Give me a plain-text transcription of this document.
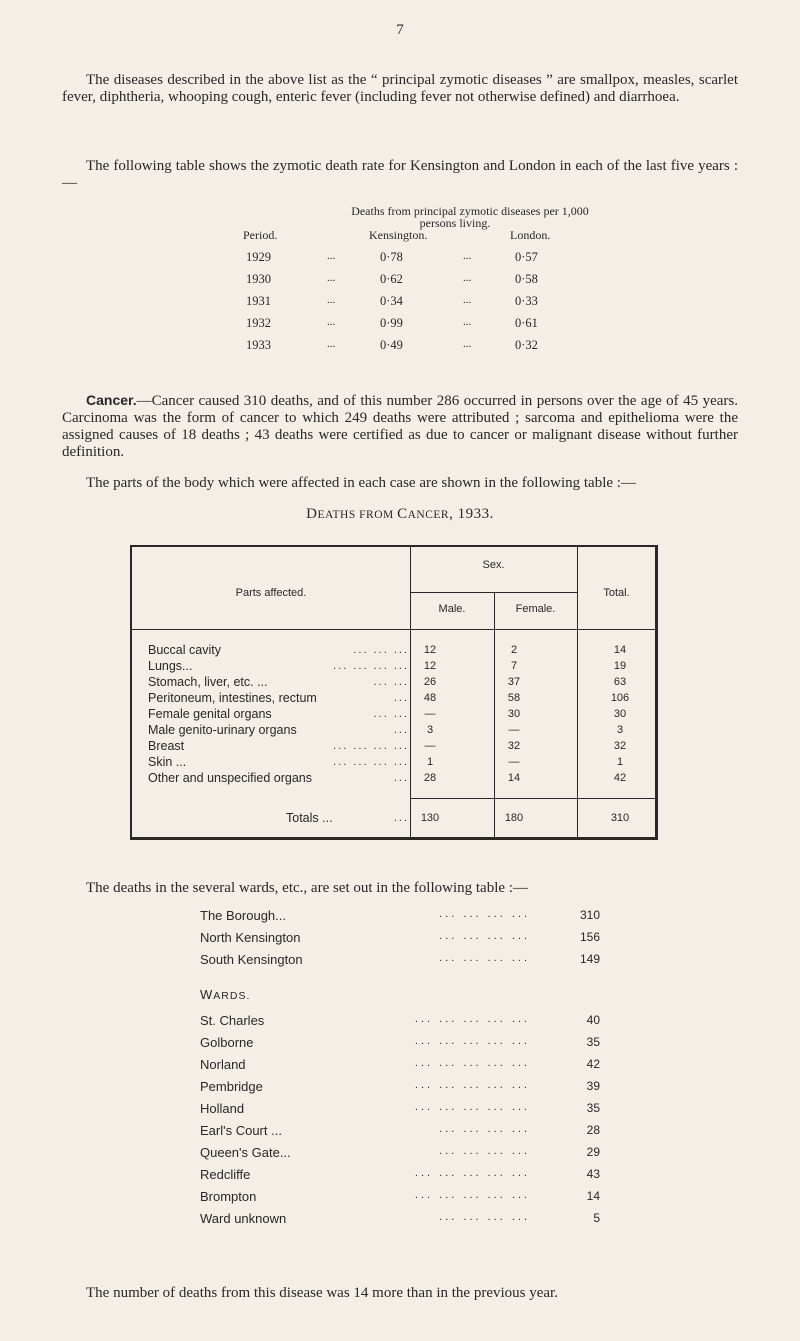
7

The diseases described in the above list as the “ principal zymotic diseases ” are smallpox, measles, scarlet fever, diphtheria, whooping cough, enteric fever (including fever not otherwise defined) and diarrhoea.

The following table shows the zymotic death rate for Kensington and London in each of the last five years :—

Deaths from principal zymotic diseases per 1,000
persons living.
Period.	Kensington.	London.
1929	...	0·78	...	0·57
1930	...	0·62	...	0·58
1931	...	0·34	...	0·33
1932	...	0·99	...	0·61
1933	...	0·49	...	0·32

Cancer.—Cancer caused 310 deaths, and of this number 286 occurred in persons over the age of 45 years. Carcinoma was the form of cancer to which 249 deaths were attributed ; sarcoma and epithelioma were the assigned causes of 18 deaths ; 43 deaths were certified as due to cancer or malignant disease without further definition.

The parts of the body which were affected in each case are shown in the following table :—

DEATHS FROM CANCER, 1933.
Parts affected.
Sex.
Male.	Female.
Total.
Buccal cavity	... ... ...	12	2	14
Lungs...	... ... ... ...	12	7	19
Stomach, liver, etc. ...	... ...	26	37	63
Peritoneum, intestines, rectum	...	48	58	106
Female genital organs	... ...	—	30	30
Male genito-urinary organs	...	3	—	3
Breast	... ... ... ...	—	32	32
Skin ...	... ... ... ...	1	—	1
Other and unspecified organs	...	28	14	42
Totals ...	...	130	180	310

The deaths in the several wards, etc., are set out in the following table :—

The Borough...	... ... ... ...	310
North Kensington	... ... ... ...	156
South Kensington	... ... ... ...	149
WARDS.
St. Charles	... ... ... ... ...	40
Golborne	... ... ... ... ...	35
Norland	... ... ... ... ...	42
Pembridge	... ... ... ... ...	39
Holland	... ... ... ... ...	35
Earl's Court ...	... ... ... ...	28
Queen's Gate...	... ... ... ...	29
Redcliffe	... ... ... ... ...	43
Brompton	... ... ... ... ...	14
Ward unknown	... ... ... ...	5

The number of deaths from this disease was 14 more than in the previous year.
